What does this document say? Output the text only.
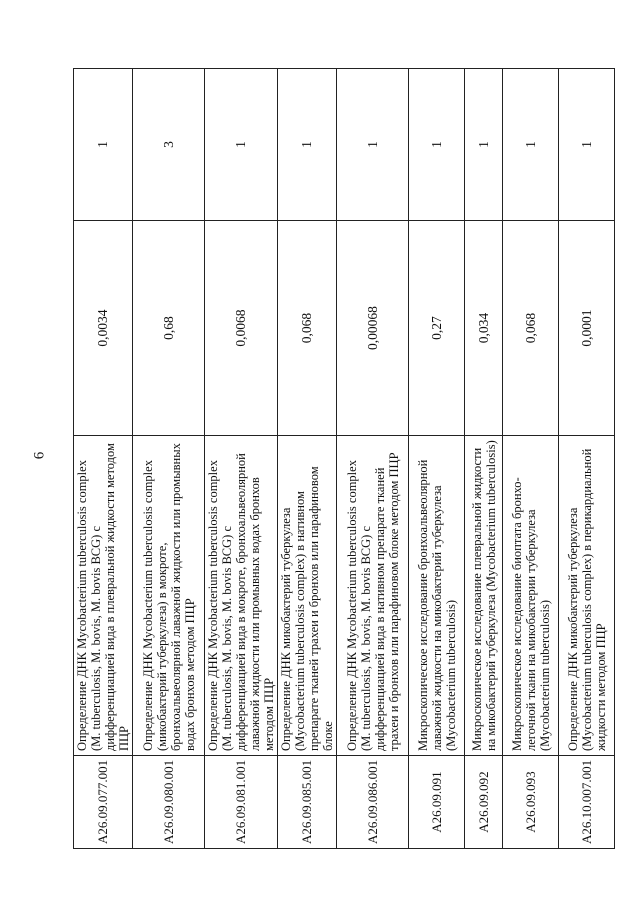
6
A26.09.077.001	Определение ДНК Mycobacterium tuberculosis complex (M. tuberculosis, M. bovis, M. bovis BCG) с дифференциацией вида в плевральной жидкости методом ПЦР	0,0034	1
A26.09.080.001	Определение ДНК Mycobacterium tuberculosis complex (микобактерий туберкулеза) в мокроте, бронхоальвеолярной лаважной жидкости или промывных водах бронхов методом ПЦР	0,68	3
A26.09.081.001	Определение ДНК Mycobacterium tuberculosis complex (M. tuberculosis, M. bovis, M. bovis BCG) с дифференциацией вида в мокроте, бронхоальвеолярной лаважной жидкости или промывных водах бронхов методом ПЦР	0,0068	1
A26.09.085.001	Определение ДНК микобактерий туберкулеза (Mycobacterium tuberculosis complex) в нативном препарате тканей трахеи и бронхов или парафиновом блоке	0,068	1
A26.09.086.001	Определение ДНК Mycobacterium tuberculosis complex (M. tuberculosis, M. bovis, M. bovis BCG) с дифференциацией вида в нативном препарате тканей трахеи и бронхов или парафиновом блоке методом ПЦР	0,00068	1
A26.09.091	Микроскопическое исследование бронхоальвеолярной лаважной жидкости на микобактерий туберкулеза (Mycobacterium tuberculosis)	0,27	1
A26.09.092	Микроскопическое исследование плевральной жидкости на микобактерий туберкулеза (Mycobacterium tuberculosis)	0,034	1
A26.09.093	Микроскопическое исследование биоптата бронхо-легочной ткани на микобактерии туберкулеза (Mycobacterium tuberculosis)	0,068	1
A26.10.007.001	Определение ДНК микобактерий туберкулеза (Mycobacterium tuberculosis complex) в перикардиальной жидкости методом ПЦР	0,0001	1
